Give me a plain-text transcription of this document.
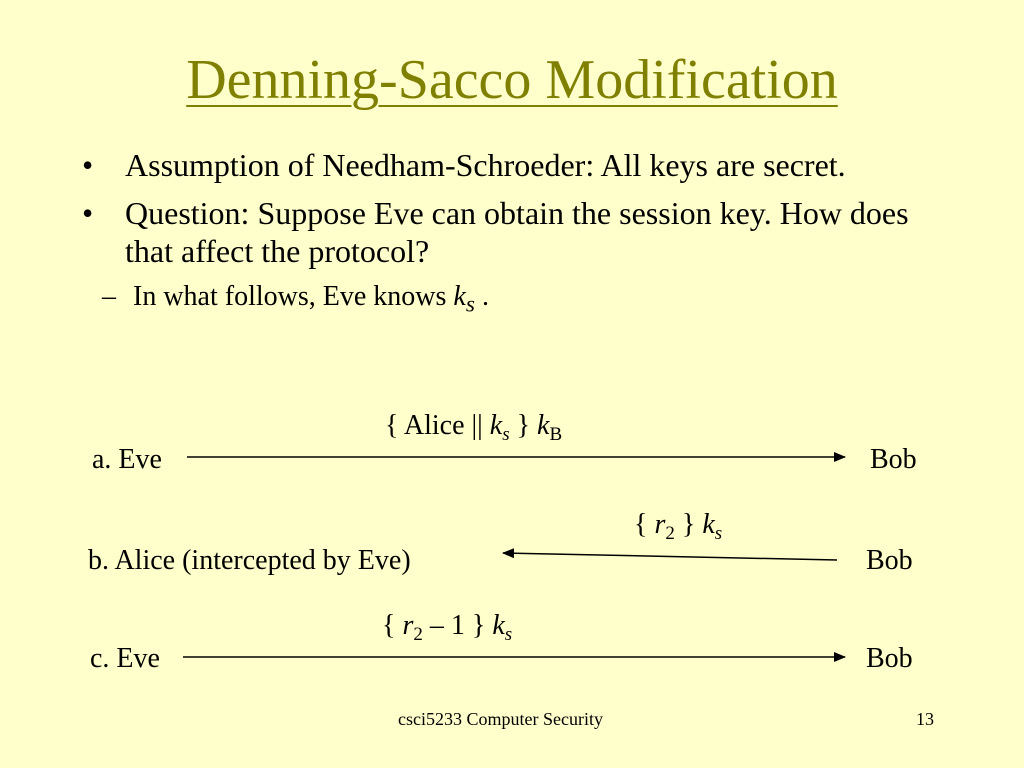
Denning-Sacco Modification
• Assumption of Needham-Schroeder: All keys are secret.
• Question: Suppose Eve can obtain the session key. How does that affect the protocol?
– In what follows, Eve knows $k_s$ .
{ Alice || $k_s$ } $k_B$
a. Eve	Bob
{ $r_2$ } $k_s$
b. Alice (intercepted by Eve)	Bob
{ $r_2 - 1$ } $k_s$
c. Eve	Bob
csci5233 Computer Security	13
